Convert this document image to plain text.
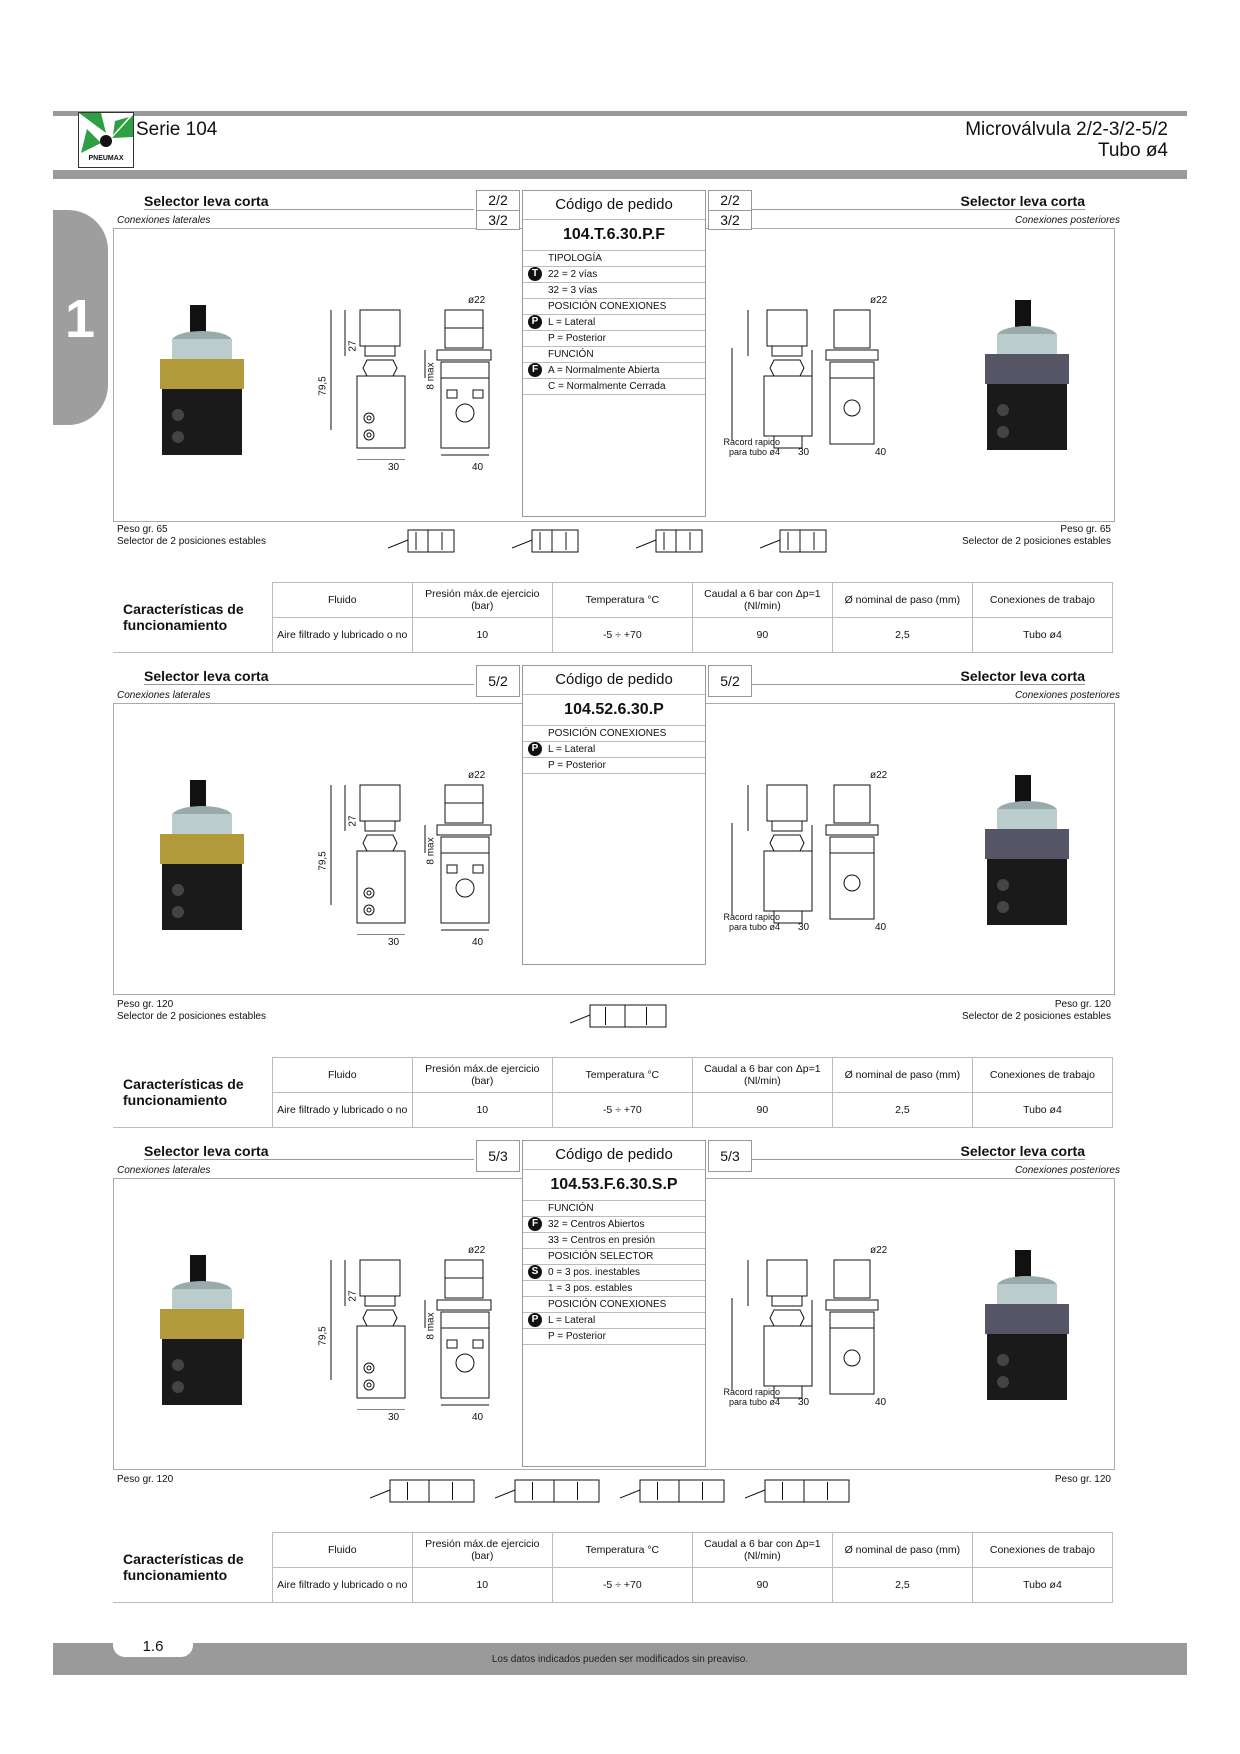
PNEUMAX
Serie 104	Microválvula 2/2-3/2-5/2
Tubo ø4
1
Selector leva corta
Conexiones laterales
Selector leva corta
Conexiones posteriores
2/2
3/2
2/2
3/2
Código de pedido
104.T.6.30.P.F
TIPOLOGÍA
T 22 = 2 vías
32 = 3 vías
POSICIÓN CONEXIONES
P L = Lateral
P = Posterior
FUNCIÓN
F A = Normalmente Abierta
C = Normalmente Cerrada
ø22
30	40
27
79,5	8 max
ø22
30	40
Racord rapido para tubo ø4
Peso gr. 65
Selector de 2 posiciones estables
Peso gr. 65
Selector de 2 posiciones estables
Características de funcionamiento	Fluido	Presión máx.de ejercicio (bar)	Temperatura °C	Caudal a 6 bar con Δp=1 (Nl/min)	Ø nominal de paso (mm)	Conexiones de trabajo
	Aire filtrado y lubricado o no	10	-5 ÷ +70	90	2,5	Tubo ø4
Selector leva corta
Conexiones laterales
Selector leva corta
Conexiones posteriores
5/2	5/2
Código de pedido
104.52.6.30.P
POSICIÓN CONEXIONES
P L = Lateral
P = Posterior
ø22
30	40
27
79,5	8 max
ø22
30	40
Racord rapido para tubo ø4
Peso gr. 120
Selector de 2 posiciones estables
Peso gr. 120
Selector de 2 posiciones estables
Características de funcionamiento	Fluido	Presión máx.de ejercicio (bar)	Temperatura °C	Caudal a 6 bar con Δp=1 (Nl/min)	Ø nominal de paso (mm)	Conexiones de trabajo
	Aire filtrado y lubricado o no	10	-5 ÷ +70	90	2,5	Tubo ø4
Selector leva corta
Conexiones laterales
Selector leva corta
Conexiones posteriores
5/3	5/3
Código de pedido
104.53.F.6.30.S.P
FUNCIÓN
F 32 = Centros Abiertos
33 = Centros en presión
POSICIÓN SELECTOR
S 0 = 3 pos. inestables
1 = 3 pos. estables
POSICIÓN CONEXIONES
P L = Lateral
P = Posterior
ø22
30	40
27
79,5	8 max
ø22
30	40
Racord rapido para tubo ø4
Peso gr. 120	Peso gr. 120
Características de funcionamiento	Fluido	Presión máx.de ejercicio (bar)	Temperatura °C	Caudal a 6 bar con Δp=1 (Nl/min)	Ø nominal de paso (mm)	Conexiones de trabajo
	Aire filtrado y lubricado o no	10	-5 ÷ +70	90	2,5	Tubo ø4
1.6
Los datos indicados pueden ser modificados sin preaviso.
